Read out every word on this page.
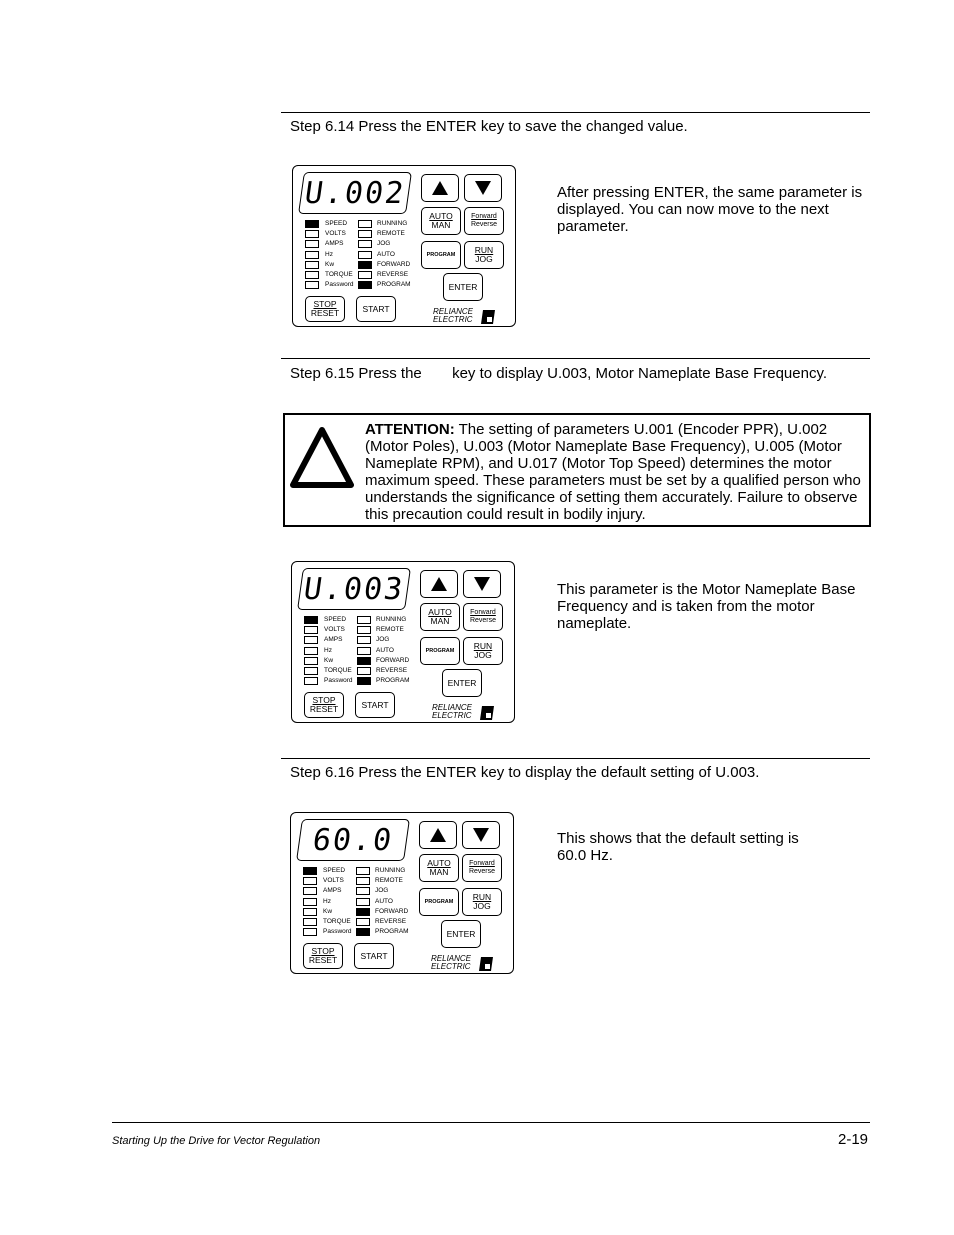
Step 6.14 Press the ENTER key to save the changed value.
U.002
AUTO
MAN
Forward
Reverse
PROGRAM RUN
JOG
ENTER
STOP
RESET	START	RELIANCE
ELECTRIC
SPEED
VOLTS
AMPS
Hz
Kw
TORQUE
Password
RUNNING
REMOTE
JOG
AUTO
FORWARD
REVERSE
PROGRAM
After pressing ENTER, the same parameter is displayed. You can now move to the next parameter.
Step 6.15 Press the key to display U.003, Motor Nameplate Base Frequency.
ATTENTION: The setting of parameters U.001 (Encoder PPR), U.002 (Motor Poles), U.003 (Motor Nameplate Base Frequency), U.005 (Motor Nameplate RPM), and U.017 (Motor Top Speed) determines the motor maximum speed. These parameters must be set by a qualified person who understands the significance of setting them accurately. Failure to observe this precaution could result in bodily injury.
U.003
AUTO
MAN
Forward
Reverse
PROGRAM RUN
JOG
ENTER
STOP
RESET	START	RELIANCE
ELECTRIC
SPEED
VOLTS
AMPS
Hz
Kw
TORQUE
Password
RUNNING
REMOTE
JOG
AUTO
FORWARD
REVERSE
PROGRAM
This parameter is the Motor Nameplate Base Frequency and is taken from the motor nameplate.
Step 6.16 Press the ENTER key to display the default setting of U.003.
60.0
AUTO
MAN
Forward
Reverse
PROGRAM RUN
JOG
ENTER
STOP
RESET	START	RELIANCE
ELECTRIC
SPEED
VOLTS
AMPS
Hz
Kw
TORQUE
Password
RUNNING
REMOTE
JOG
AUTO
FORWARD
REVERSE
PROGRAM
This shows that the default setting is 60.0 Hz.
Starting Up the Drive for Vector Regulation	2-19
